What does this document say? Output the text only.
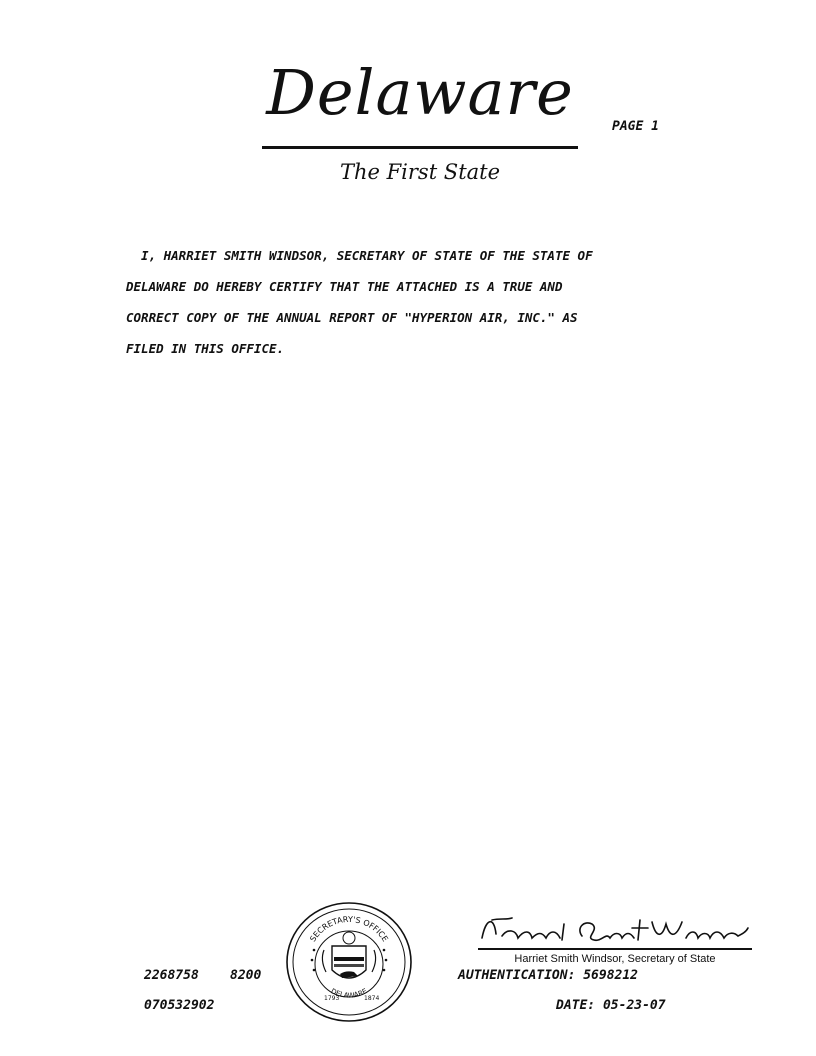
Delaware	PAGE 1
The First State
I, HARRIET SMITH WINDSOR, SECRETARY OF STATE OF THE STATE OF
DELAWARE DO HEREBY CERTIFY THAT THE ATTACHED IS A TRUE AND
CORRECT COPY OF THE ANNUAL REPORT OF "HYPERION AIR, INC." AS
FILED IN THIS OFFICE.
2268758 8200
070532902
SECRETARY'S OFFICE
DELAWARE
1793	1874
Harriet Smith Windsor, Secretary of State
AUTHENTICATION: 5698212
DATE: 05-23-07
